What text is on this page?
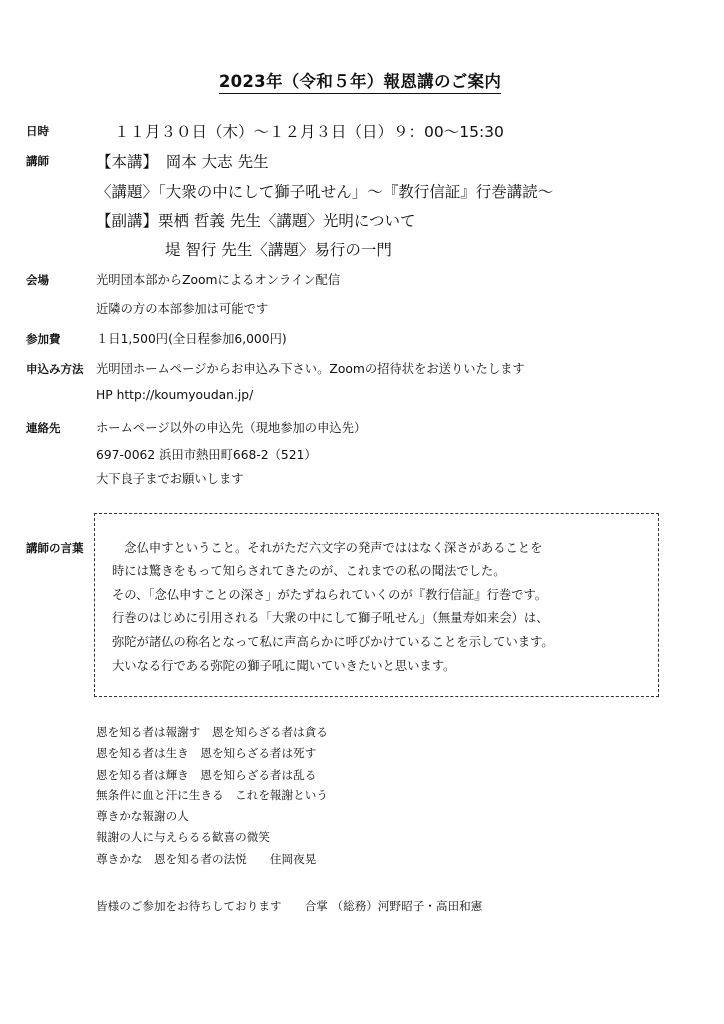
2023年（令和５年）報恩講のご案内
日時	１１月３０日（木）～１２月３日（日）９：00～15:30
講師	【本講】　岡本 大志 先生
〈講題〉「大衆の中にして獅子吼せん」～『教行信証』行巻講読～
【副講】栗栖 哲義 先生〈講題〉光明について
堤 智行 先生〈講題〉易行の一門
会場	光明団本部からZoomによるオンライン配信
近隣の方の本部参加は可能です
参加費	１日1,500円(全日程参加6,000円)
申込み方法 光明団ホームページからお申込み下さい。Zoomの招待状をお送りいたします
HP http://koumyoudan.jp/
連絡先	ホームページ以外の申込先（現地参加の申込先）
697-0062 浜田市熱田町668-2（521）
大下良子までお願いします
講師の言葉 　念仏申すということ。それがただ六文字の発声でははなく深さがあることを
時には驚きをもって知らされてきたのが、これまでの私の聞法でした。
その、「念仏申すことの深さ」がたずねられていくのが『教行信証』行巻です。
行巻のはじめに引用される「大衆の中にして獅子吼せん」（無量寿如来会）は、
弥陀が諸仏の称名となって私に声高らかに呼びかけていることを示しています。
大いなる行である弥陀の獅子吼に聞いていきたいと思います。
恩を知る者は報謝す　恩を知らざる者は貪る
恩を知る者は生き　恩を知らざる者は死す
恩を知る者は輝き　恩を知らざる者は乱る
無条件に血と汗に生きる　これを報謝という
尊きかな報謝の人
報謝の人に与えらるる歓喜の微笑
尊きかな　恩を知る者の法悦　　住岡夜晃
皆様のご参加をお待ちしております　　合掌 （総務）河野昭子・高田和憲
